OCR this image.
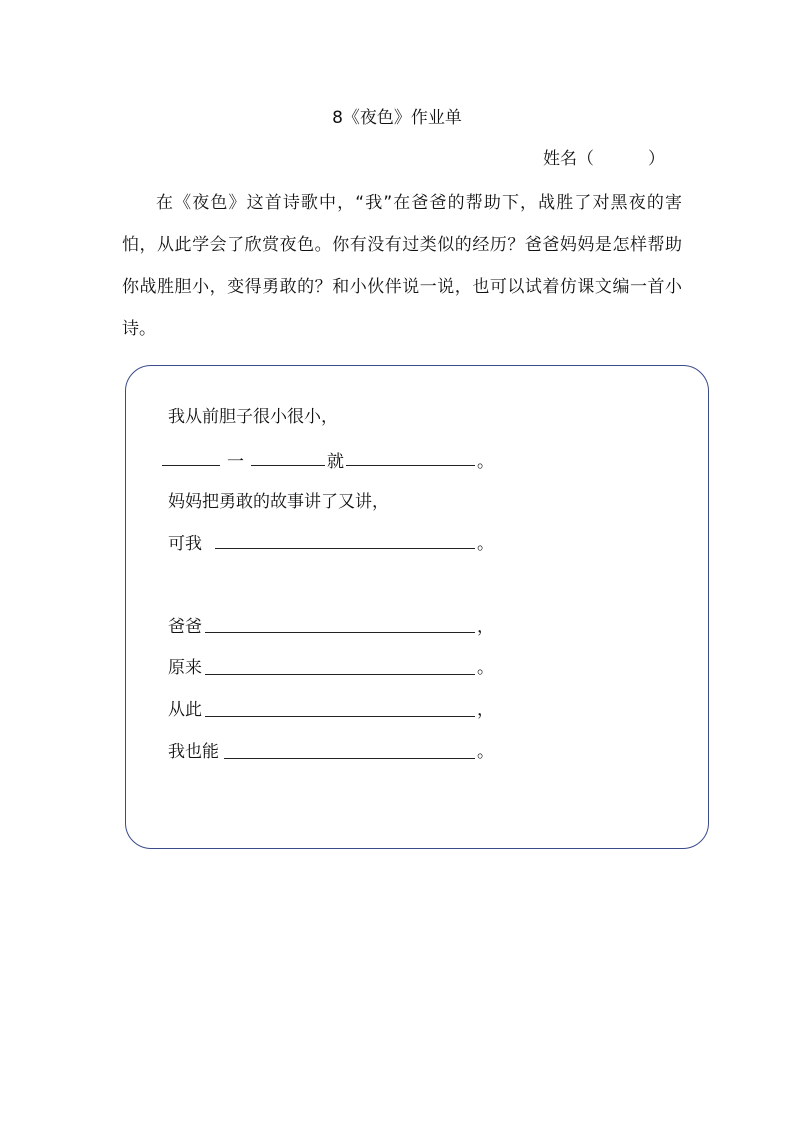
8《夜色》作业单
姓名（          ）
在《夜色》这首诗歌中，“我”在爸爸的帮助下，战胜了对黑夜的害怕，从此学会了欣赏夜色。你有没有过类似的经历？爸爸妈妈是怎样帮助你战胜胆小，变得勇敢的？和小伙伴说一说，也可以试着仿课文编一首小诗。
我从前胆子很小很小，
一	就	。
妈妈把勇敢的故事讲了又讲，
可我	。
爸爸	，
原来	。
从此	，
我也能	。
